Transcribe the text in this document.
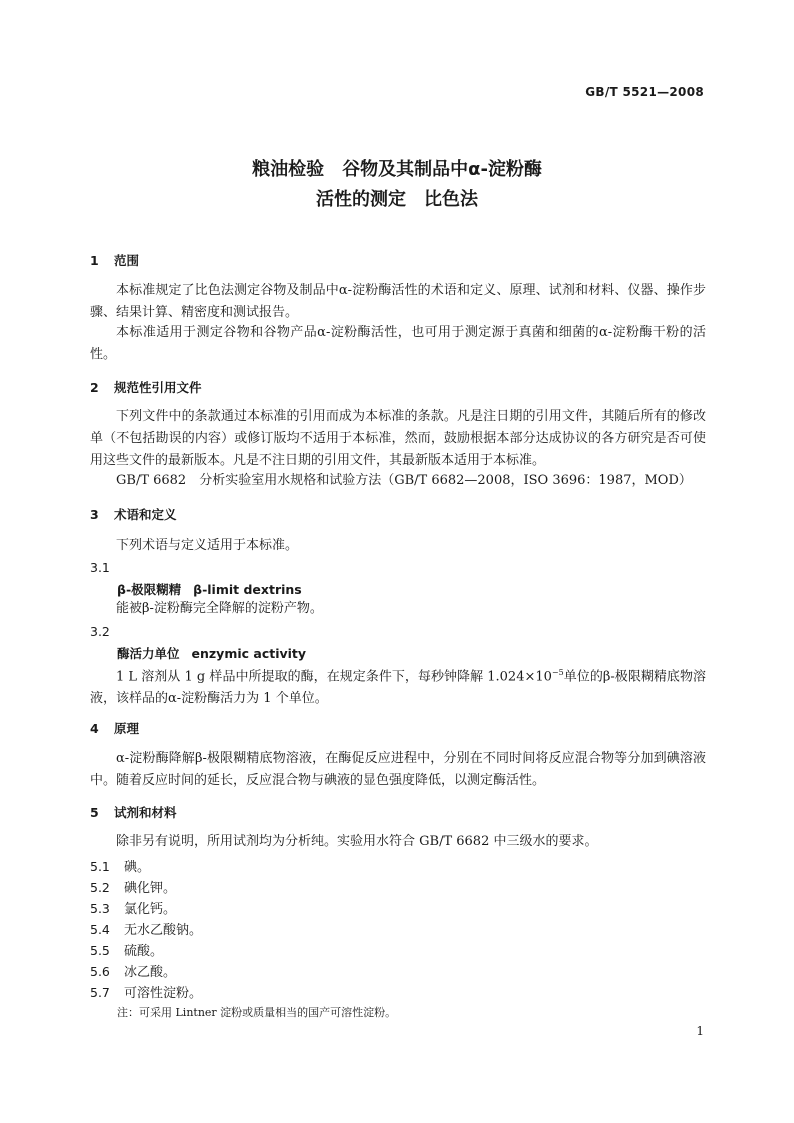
GB/T 5521—2008
粮油检验　谷物及其制品中α-淀粉酶
活性的测定　比色法
1 范围
本标准规定了比色法测定谷物及制品中α-淀粉酶活性的术语和定义、原理、试剂和材料、仪器、操作步骤、结果计算、精密度和测试报告。
本标准适用于测定谷物和谷物产品α-淀粉酶活性，也可用于测定源于真菌和细菌的α-淀粉酶干粉的活性。
2 规范性引用文件
下列文件中的条款通过本标准的引用而成为本标准的条款。凡是注日期的引用文件，其随后所有的修改单（不包括勘误的内容）或修订版均不适用于本标准，然而，鼓励根据本部分达成协议的各方研究是否可使用这些文件的最新版本。凡是不注日期的引用文件，其最新版本适用于本标准。
GB/T 6682　分析实验室用水规格和试验方法（GB/T 6682—2008，ISO 3696：1987，MOD）
3 术语和定义
下列术语与定义适用于本标准。
3.1
β-极限糊精 β-limit dextrins
能被β-淀粉酶完全降解的淀粉产物。
3.2
酶活力单位 enzymic activity
1 L 溶剂从 1 g 样品中所提取的酶，在规定条件下，每秒钟降解 $1.024\times 10^{-5}$单位的β-极限糊精底物溶液，该样品的α-淀粉酶活力为 1 个单位。
4 原理
α-淀粉酶降解β-极限糊精底物溶液，在酶促反应进程中，分别在不同时间将反应混合物等分加到碘溶液中。随着反应时间的延长，反应混合物与碘液的显色强度降低，以测定酶活性。
5 试剂和材料
除非另有说明，所用试剂均为分析纯。实验用水符合 GB/T 6682 中三级水的要求。
5.1 碘。
5.2 碘化钾。
5.3 氯化钙。
5.4 无水乙酸钠。
5.5 硫酸。
5.6 冰乙酸。
5.7 可溶性淀粉。
注：可采用 Lintner 淀粉或质量相当的国产可溶性淀粉。
1
